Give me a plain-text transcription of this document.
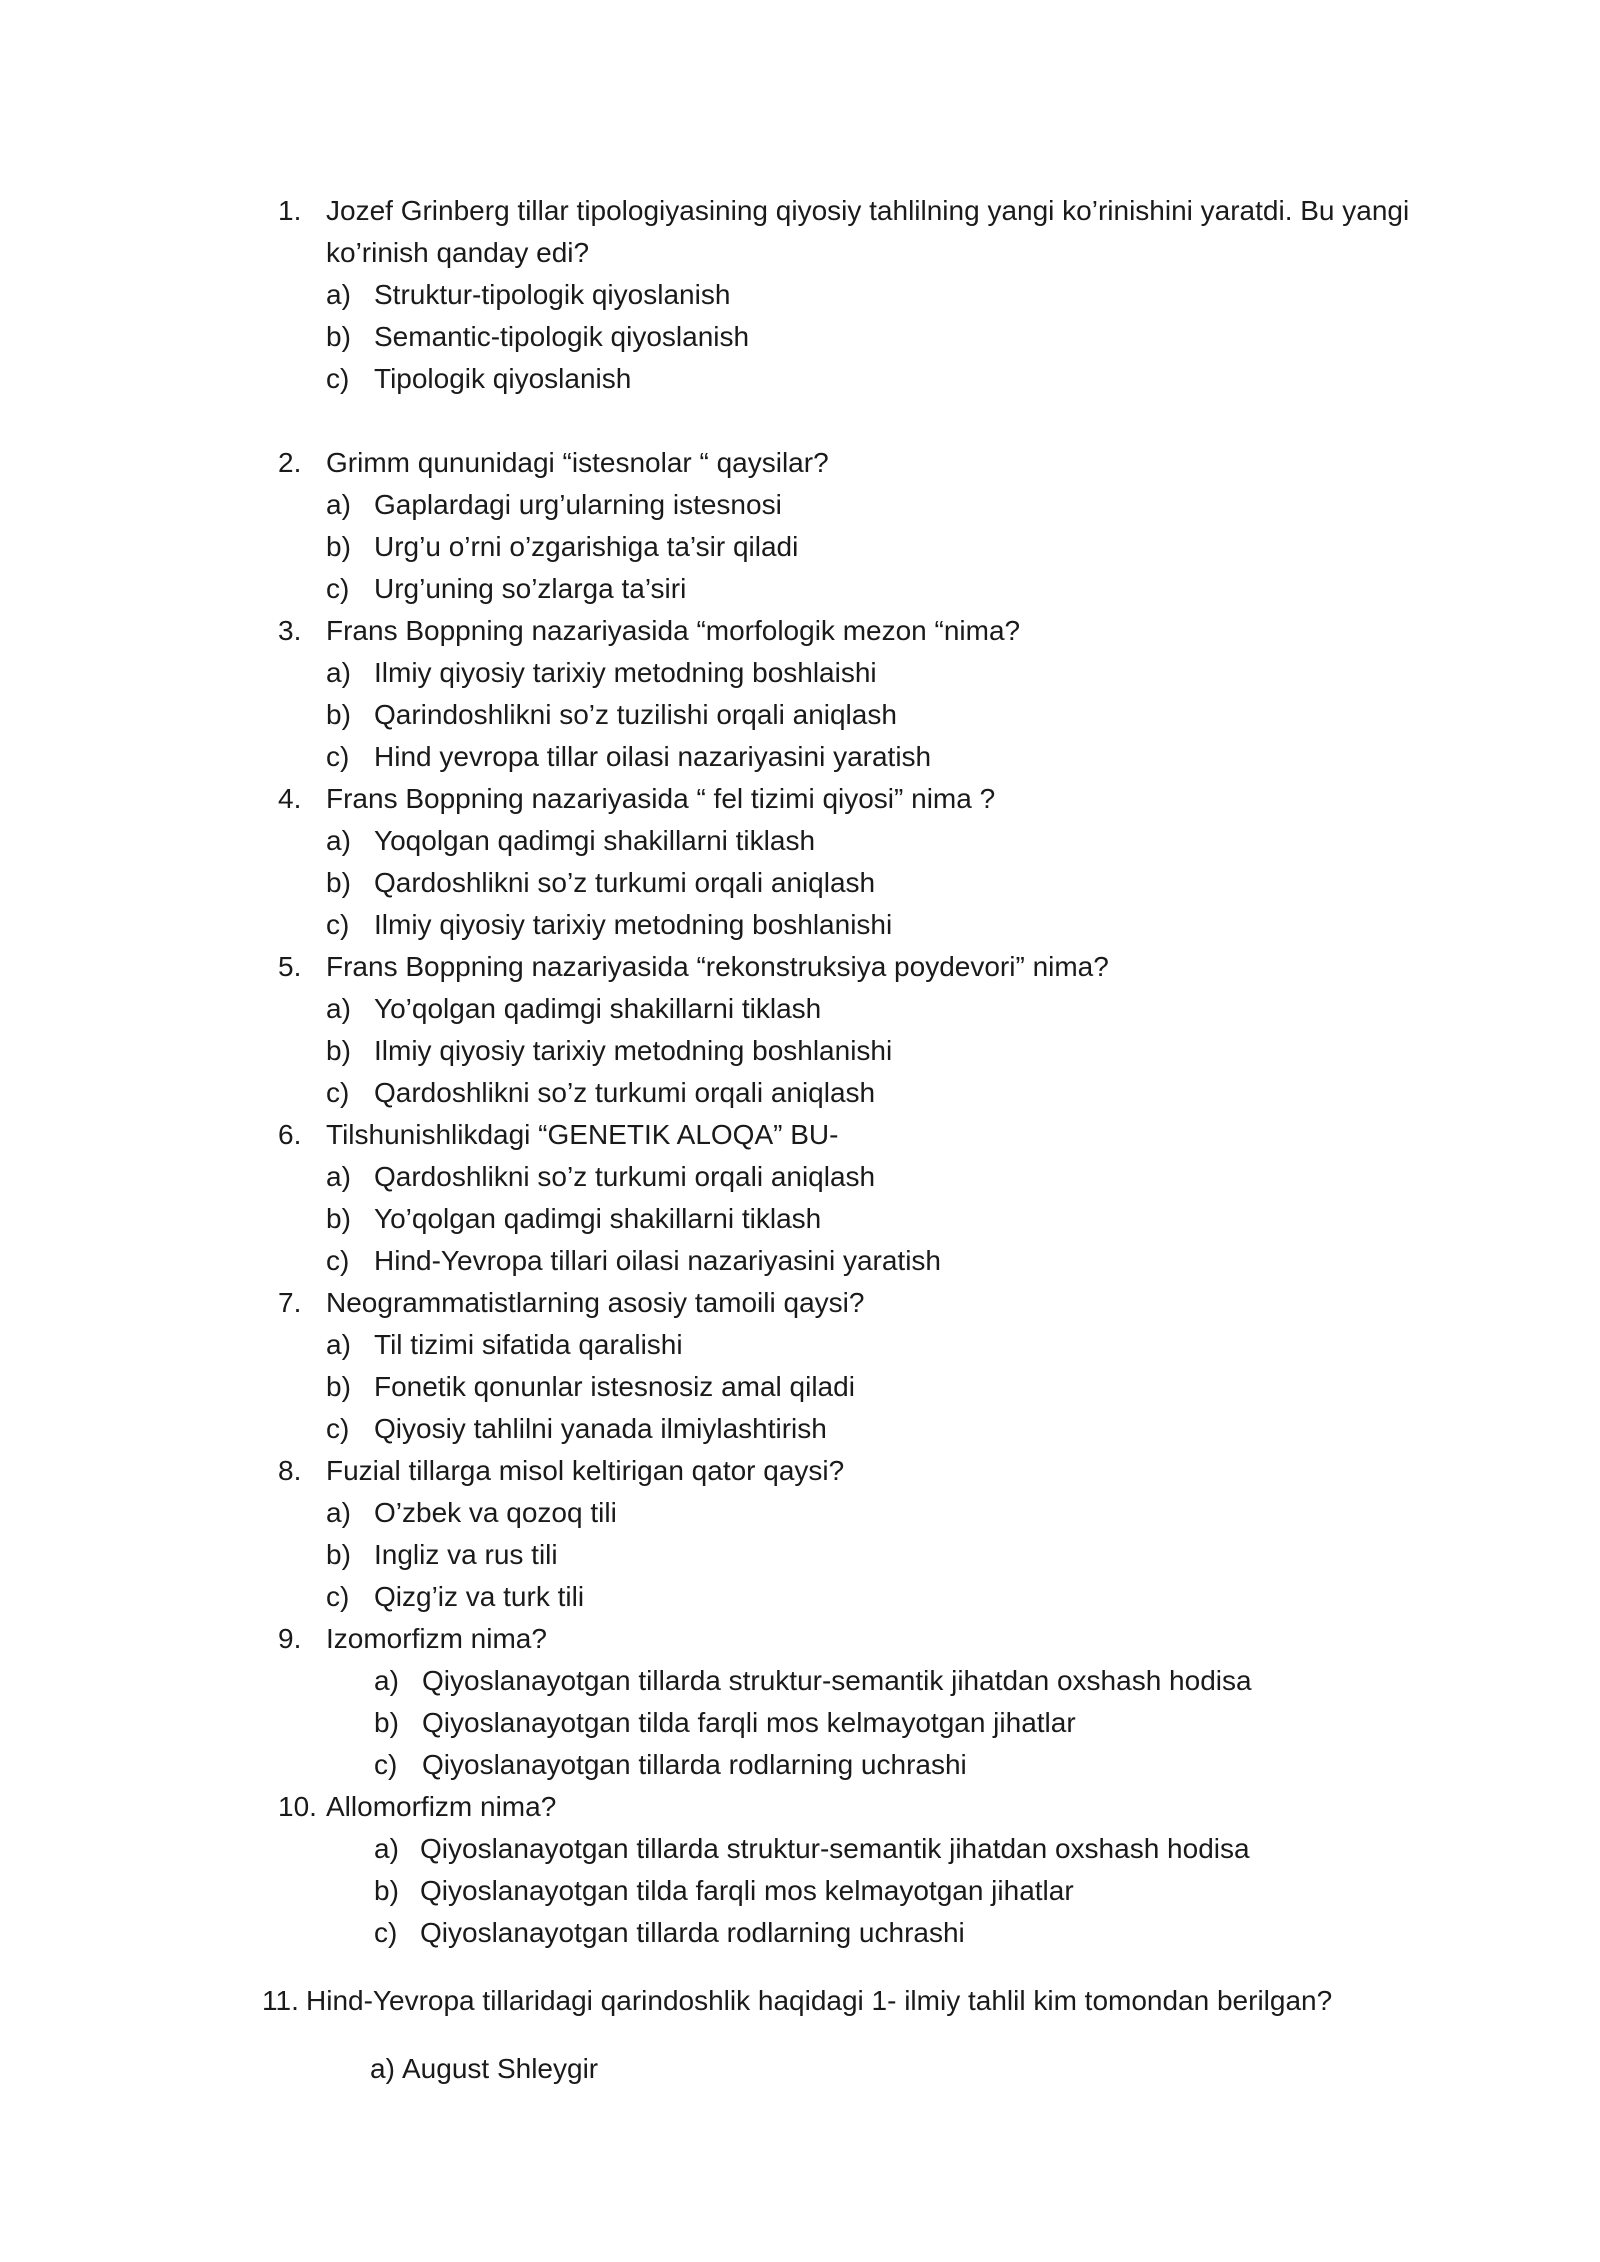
1. Jozef Grinberg tillar tipologiyasining qiyosiy tahlilning yangi ko’rinishini yaratdi. Bu yangi
ko’rinish qanday edi?
a) Struktur-tipologik qiyoslanish
b) Semantic-tipologik qiyoslanish
c) Tipologik qiyoslanish
2. Grimm qununidagi “istesnolar “ qaysilar?
a) Gaplardagi urg’ularning istesnosi
b) Urg’u o’rni o’zgarishiga ta’sir qiladi
c) Urg’uning so’zlarga ta’siri
3. Frans Boppning nazariyasida “morfologik mezon “nima?
a) Ilmiy qiyosiy tarixiy metodning boshlaishi
b) Qarindoshlikni so’z tuzilishi orqali aniqlash
c) Hind yevropa tillar oilasi nazariyasini yaratish
4. Frans Boppning nazariyasida “ fel tizimi qiyosi” nima ?
a) Yoqolgan qadimgi shakillarni tiklash
b) Qardoshlikni so’z turkumi orqali aniqlash
c) Ilmiy qiyosiy tarixiy metodning boshlanishi
5. Frans Boppning nazariyasida “rekonstruksiya poydevori” nima?
a) Yo’qolgan qadimgi shakillarni tiklash
b) Ilmiy qiyosiy tarixiy metodning boshlanishi
c) Qardoshlikni so’z turkumi orqali aniqlash
6. Tilshunishlikdagi “GENETIK ALOQA” BU-
a) Qardoshlikni so’z turkumi orqali aniqlash
b) Yo’qolgan qadimgi shakillarni tiklash
c) Hind-Yevropa tillari oilasi nazariyasini yaratish
7. Neogrammatistlarning asosiy tamoili qaysi?
a) Til tizimi sifatida qaralishi
b) Fonetik qonunlar istesnosiz amal qiladi
c) Qiyosiy tahlilni yanada ilmiylashtirish
8. Fuzial tillarga misol keltirigan qator qaysi?
a) O’zbek va qozoq tili
b) Ingliz va rus tili
c) Qizg’iz va turk tili
9. Izomorfizm nima?
a) Qiyoslanayotgan tillarda struktur-semantik jihatdan oxshash hodisa
b) Qiyoslanayotgan tilda farqli mos kelmayotgan jihatlar
c) Qiyoslanayotgan tillarda rodlarning uchrashi
10. Allomorfizm nima?
a) Qiyoslanayotgan tillarda struktur-semantik jihatdan oxshash hodisa
b) Qiyoslanayotgan tilda farqli mos kelmayotgan jihatlar
c) Qiyoslanayotgan tillarda rodlarning uchrashi
11. Hind-Yevropa tillaridagi qarindoshlik haqidagi 1- ilmiy tahlil kim tomondan berilgan?
a) August Shleygir
